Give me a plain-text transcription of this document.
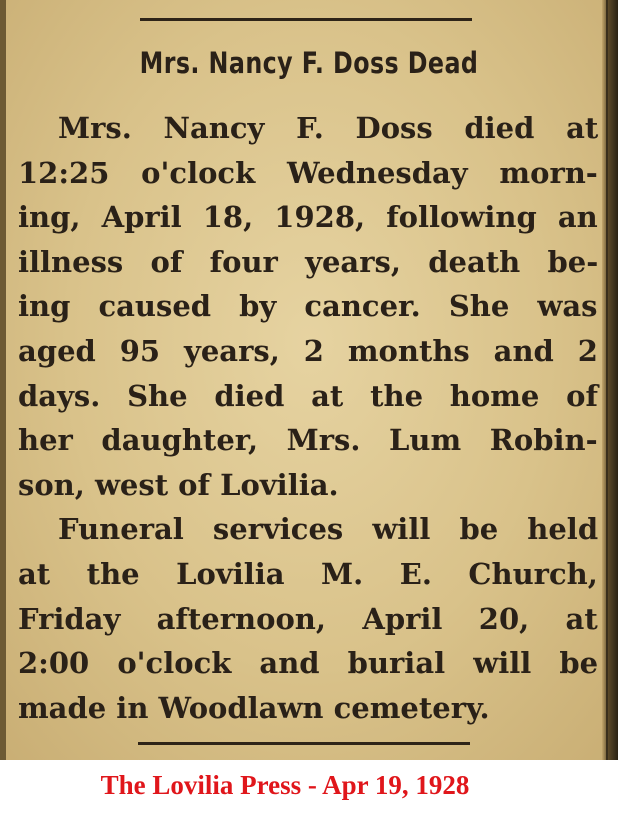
Mrs. Nancy F. Doss Dead
Mrs. Nancy F. Doss died at
12:25 o'clock Wednesday morn-
ing, April 18, 1928, following an
illness of four years, death be-
ing caused by cancer. She was
aged 95 years, 2 months and 2
days. She died at the home of
her daughter, Mrs. Lum Robin-
son, west of Lovilia.
Funeral services will be held
at the Lovilia M. E. Church,
Friday afternoon, April 20, at
2:00 o'clock and burial will be
made in Woodlawn cemetery.
The Lovilia Press - Apr 19, 1928
